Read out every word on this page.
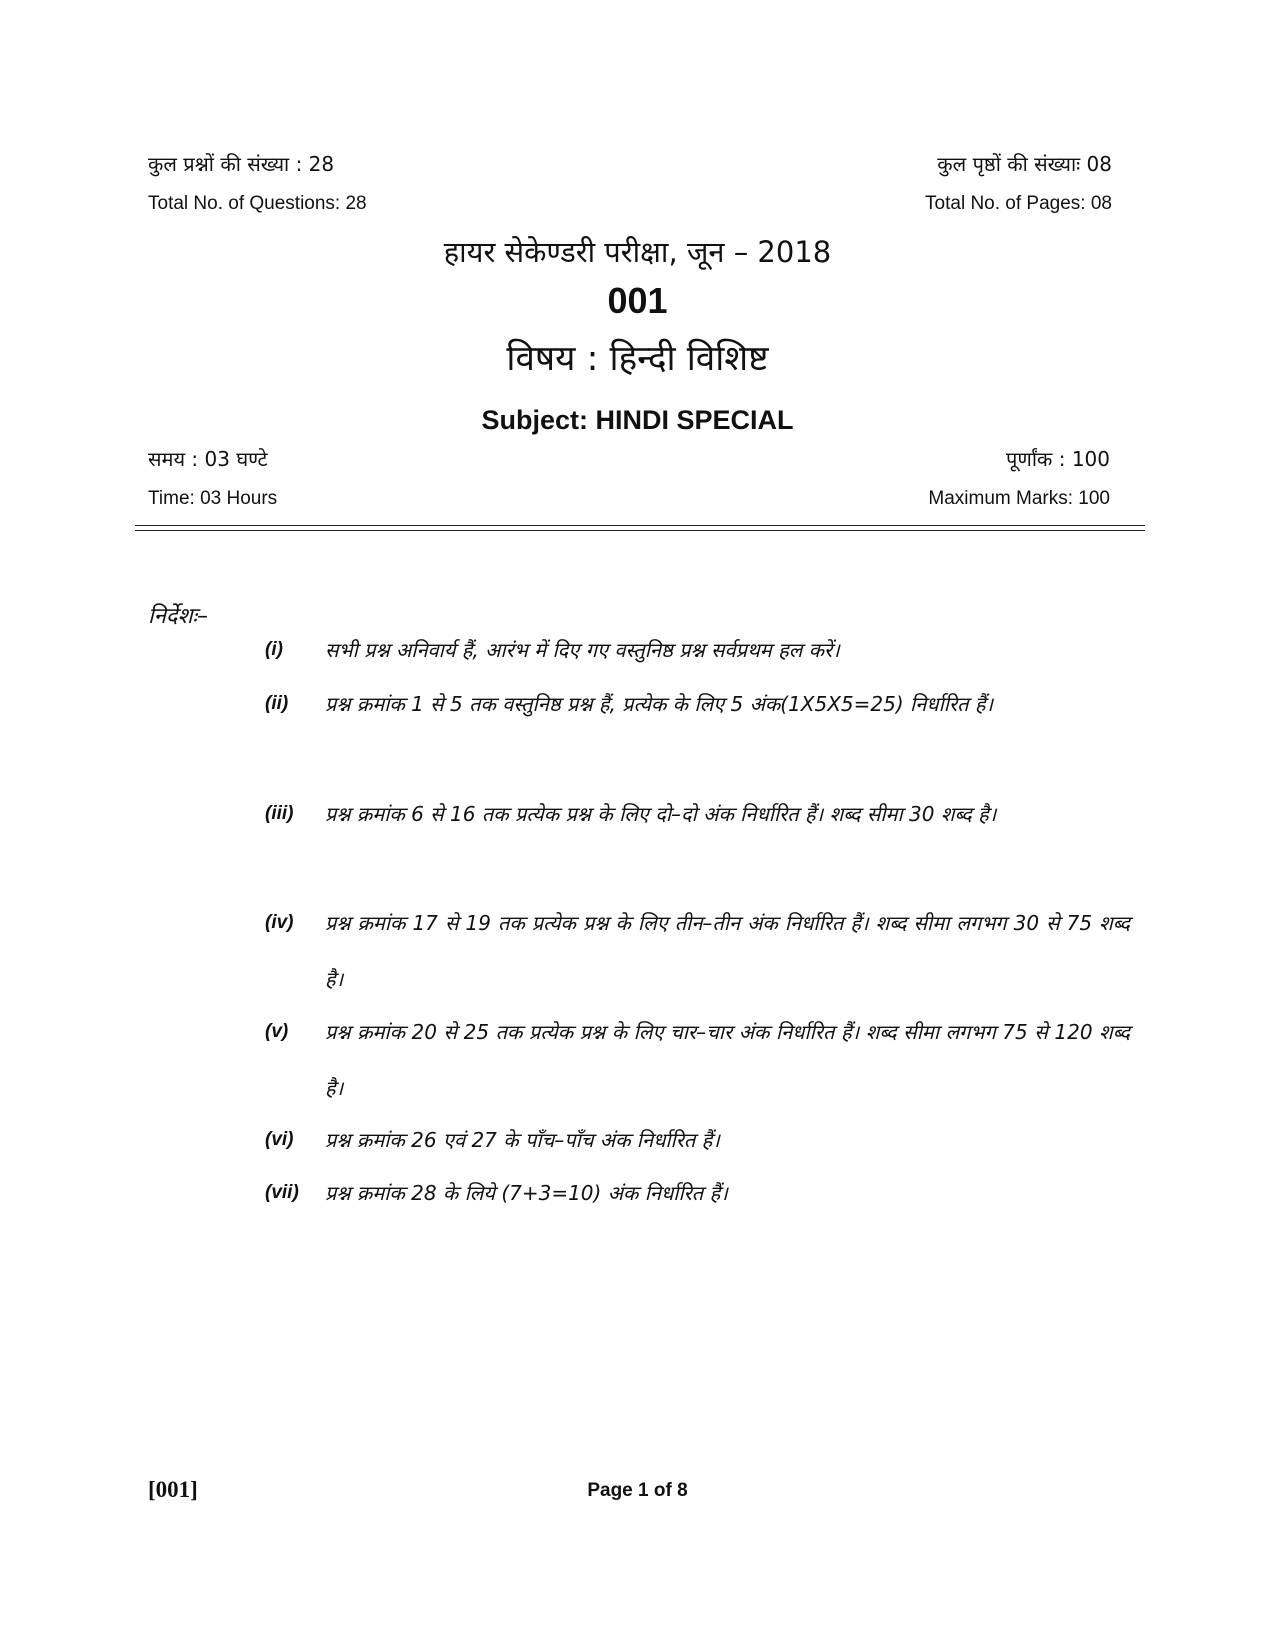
कुल प्रश्नों की संख्या : 28	कुल पृष्ठों की संख्याः 08
Total No. of Questions: 28	Total No. of Pages: 08
हायर सेकेण्डरी परीक्षा, जून – 2018
001
विषय : हिन्दी विशिष्ट
Subject: HINDI SPECIAL
समय : 03 घण्टे	पूर्णांक : 100
Time: 03 Hours	Maximum Marks: 100
निर्देशः–
(i)	सभी प्रश्न अनिवार्य हैं, आरंभ में दिए गए वस्तुनिष्ठ प्रश्न सर्वप्रथम हल करें।
(ii)	प्रश्न क्रमांक 1 से 5 तक वस्तुनिष्ठ प्रश्न हैं, प्रत्येक के लिए 5 अंक(1X5X5=25) निर्धारित हैं।
(iii)	प्रश्न क्रमांक 6 से 16 तक प्रत्येक प्रश्न के लिए दो–दो अंक निर्धारित हैं। शब्द सीमा 30 शब्द है।
(iv)	प्रश्न क्रमांक 17 से 19 तक प्रत्येक प्रश्न के लिए तीन–तीन अंक निर्धारित हैं। शब्द सीमा लगभग 30 से 75 शब्द है।
(v)	प्रश्न क्रमांक 20 से 25 तक प्रत्येक प्रश्न के लिए चार–चार अंक निर्धारित हैं। शब्द सीमा लगभग 75 से 120 शब्द है।
(vi)	प्रश्न क्रमांक 26 एवं 27 के पाँच–पाँच अंक निर्धारित हैं।
(vii)	प्रश्न क्रमांक 28 के लिये (7+3=10) अंक निर्धारित हैं।
[001]	Page 1 of 8
